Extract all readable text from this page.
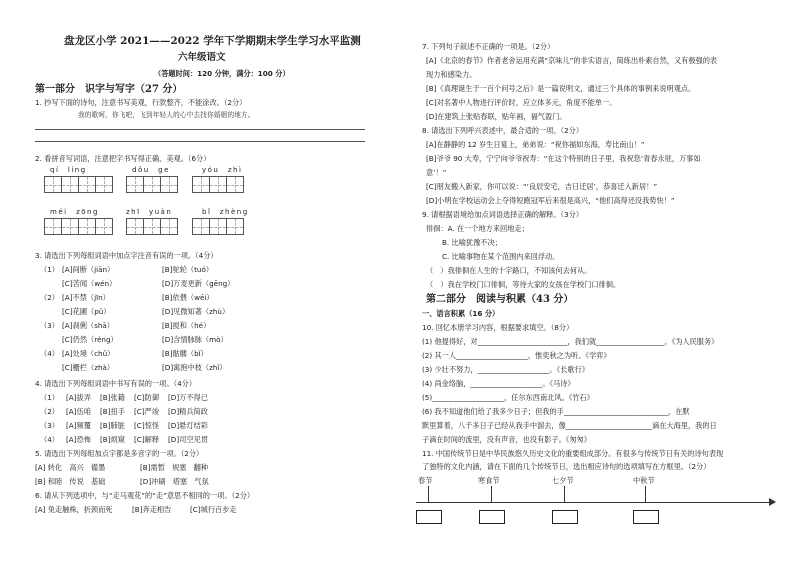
盘龙区小学 2021——2022 学年下学期期末学生学习水平监测
六年级语文
（答题时间：120 分钟，满分：100 分）
第一部分　识字与写字（27 分）
1. 抄写下面的诗句，注意书写美观，行款整齐，不能涂改。（2分）
我的歌呵，你飞吧，飞到年轻人的心中去找你婚姻的地方。
2. 看拼音写词语，注意把字书写得正确、美观。（6分）
qí　líng	dǒu　ge	yóu　zhì
méi　zōng	zhī　yuàn	bǐ　zhèng
3. 请选出下列每组词语中加点字注音有误的一项。（4分）
（1） [A]间断（jiān）	[B]驼轮（tuó）
[C]苦闻（wén）	[D]万麦更新（gēng）
（2） [A]不禁（jīn）	[B]依偎（wēi）
[C]花圃（pǔ）	[D]见微知著（zhù）
（3） [A]刹俐（shā）	[B]搅和（hé）
[C]仍然（réng）	[D]含情脉脉（mò）
（4） [A]处境（chǔ）	[B]骷髅（bǐ）
[C]栅栏（zhà）	[D]寓抱中枝（zhǐ）
4. 请选出下列每组词语中书写有误的一项。（4分）
（1） [A]拔弄 [B]张籍 [C]防御 [D]万不得已
（2） [A]伍咱 [B]扭手 [C]严竣 [D]精兵简政
（3） [A]频覆 [B]肺脏 [C]惊怪 [D]悬灯结彩
（4） [A]恐怖 [B]烦窥 [C]解释 [D]司空见贯
5. 请选出下列每组加点字都是多音字的一项。（2分）
[A] 转化　高兴　備墨	[B]需暂　规塞　翻种
[B] 和睦　传说　基础	[D]冲刷　塔塞　气氛
6. 请从下列选项中，与“走马观花”的“走”意思不相同的一项。（2分）
[A] 兔走触株，折颈而死	[B]奔走相告	[C]城行百步走
7. 下列句子叙述不正确的一项是。（2分）
[A]《北京的春节》作者老舍运用充满“京味儿”的非实语言，简练出朴素自然，又有极强的表
现力和感染力。
[B]《真理诞生于一百个问号之后》是一篇说明文，通过三个具体的事例来说明观点。
[C]对名著中人物进行评价时，应立体多元，角度不能单一。
[D]在建筑上张贴春联，贴年画，福气盈门。
8. 请选出下列呼兴表述中，最合适的一项。（2分）
[A]在静静的 12 岁生日宴上，弟弟说：“祝你福如东海，寿比南山！”
[B]爷爷 90 大寿，宁宁向爷爷祝寿：“在这个特别的日子里，我祝您‘青春永驻，万事如
意’！”
[C]朋友搬入新家，你可以说：“‘良辰安宅，吉日迁居’，恭喜迁入新居！”
[D]小明在学校运动会上夺得短跑冠军后来很是高兴，“他们高得还没我势快！”
9. 请根据语境给加点词语选择正确的解释。（3分）
徘徊：A. 在一个地方来回地走；
B. 比喻犹豫不决；
C. 比喻事物在某个范围内来回浮动。
（　）我徘徊在人生的十字路口，不知该何去何从。
（　）我在学校门口徘徊，等待大家的女孩在学校门口徘徊。
第二部分　阅读与积累（43 分）
一、语言积累（16 分）
10. 回忆本册学习内容，根据要求填空。（8分）
(1) 他提得好，对_________________________，我们就___________________。《为人民服务》
(2) 其一人____________________，惟奕秋之为听。《学弈》
(3) 少壮不努力，____________________。《长歌行》
(4) 尚金络脑，____________________。《马诗》
(5)____________________，任尔东西南北风。《竹石》
(6) 我不知道他们给了我多少日子；但我的手_____________________________，在默
默里算着，八千多日子已经从我手中溜去，像________________________滴在大海里，我的日
子滴在时间的流里，没有声音，也没有影子。《匆匆》
11. 中国传统节日是中华民族悠久历史文化的重要组成部分。有很多与传统节日有关的诗句表现
了独特的文化内涵，请在下面的几个传统节日，选出相应诗句的选项填写在方框里。（2分）
春节	寒食节	七夕节	中秋节
